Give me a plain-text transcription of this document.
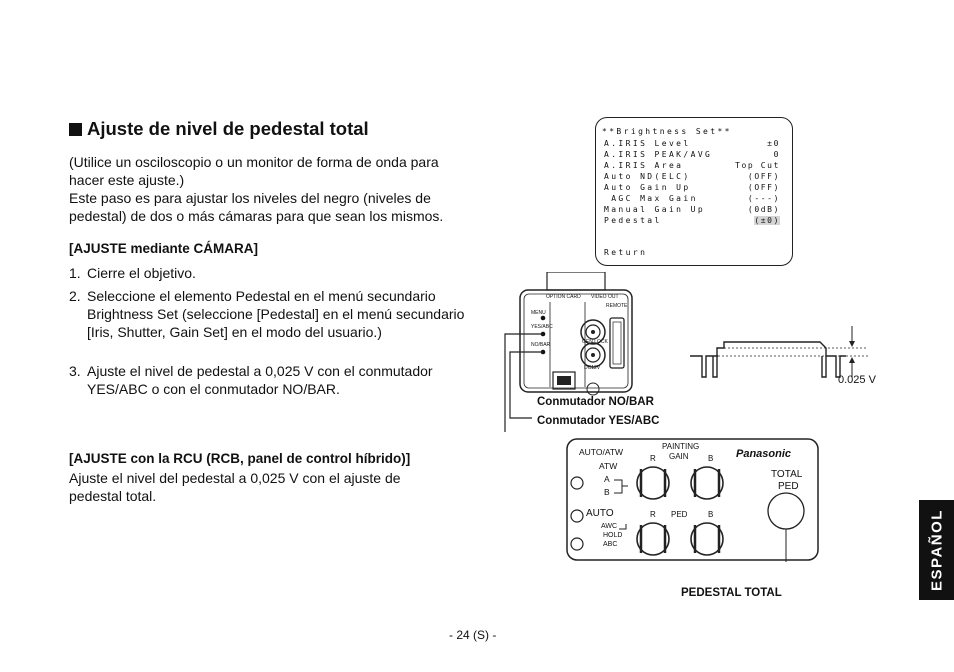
Ajuste de nivel de pedestal total
(Utilice un osciloscopio o un monitor de forma de onda para hacer este ajuste.)
Este paso es para ajustar los niveles del negro (niveles de pedestal) de dos o más cámaras para que sean los mismos.
[AJUSTE mediante CÁMARA]
1. Cierre el objetivo.
2. Seleccione el elemento Pedestal en el menú secundario Brightness Set (seleccione [Pedestal] en el menú secundario [Iris, Shutter, Gain Set] en el modo del usuario.)
3. Ajuste el nivel de pedestal a 0,025 V con el conmutador YES/ABC o con el conmutador NO/BAR.
[AJUSTE con la RCU (RCB, panel de control híbrido)]
Ajuste el nivel del pedestal a 0,025 V con el ajuste de pedestal total.
**Brightness Set**
A.IRIS Level	±0
A.IRIS PEAK/AVG	0
A.IRIS Area	Top Cut
Auto ND(ELC)	(OFF)
Auto Gain Up	(OFF)
AGC Max Gain	(---)
Manual Gain Up	(0dB)
Pedestal	(±0)
Return
OPTION CARD VIDEO OUT
REMOTE
MENU
YES/ABC
NO/BAR	GEN LOCK
DC12V
Conmutador NO/BAR
Conmutador YES/ABC
0.025 V
AUTO/ATW
ATW
A
B
AUTO
AWC
HOLD
ABC
PAINTING
GAIN
R	B
R PED	B
Panasonic
TOTAL
PED
PEDESTAL TOTAL
- 24 (S) -
ESPAÑOL
